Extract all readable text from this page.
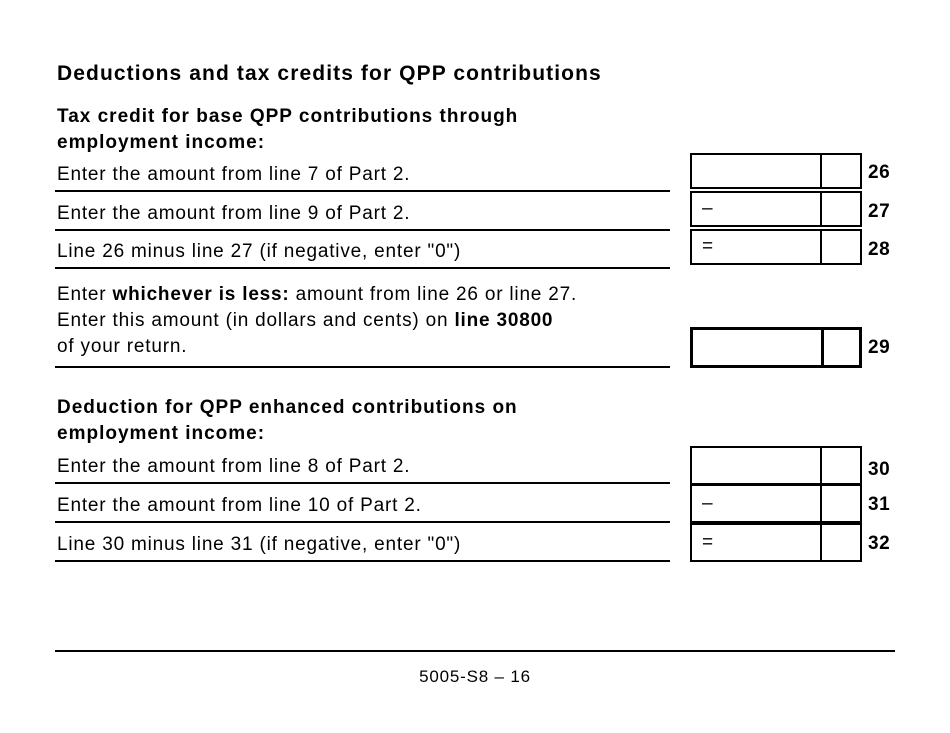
Deductions and tax credits for QPP contributions
Tax credit for base QPP contributions through
employment income:
Enter the amount from line 7 of Part 2.
Enter the amount from line 9 of Part 2.
Line 26 minus line 27 (if negative, enter "0")
–
=
26
27
28
Enter whichever is less: amount from line 26 or line 27.
Enter this amount (in dollars and cents) on line 30800
of your return.	29
Deduction for QPP enhanced contributions on
employment income:
Enter the amount from line 8 of Part 2.
Enter the amount from line 10 of Part 2.
Line 30 minus line 31 (if negative, enter "0")
–
=
30
31
32
5005-S8 – 16
